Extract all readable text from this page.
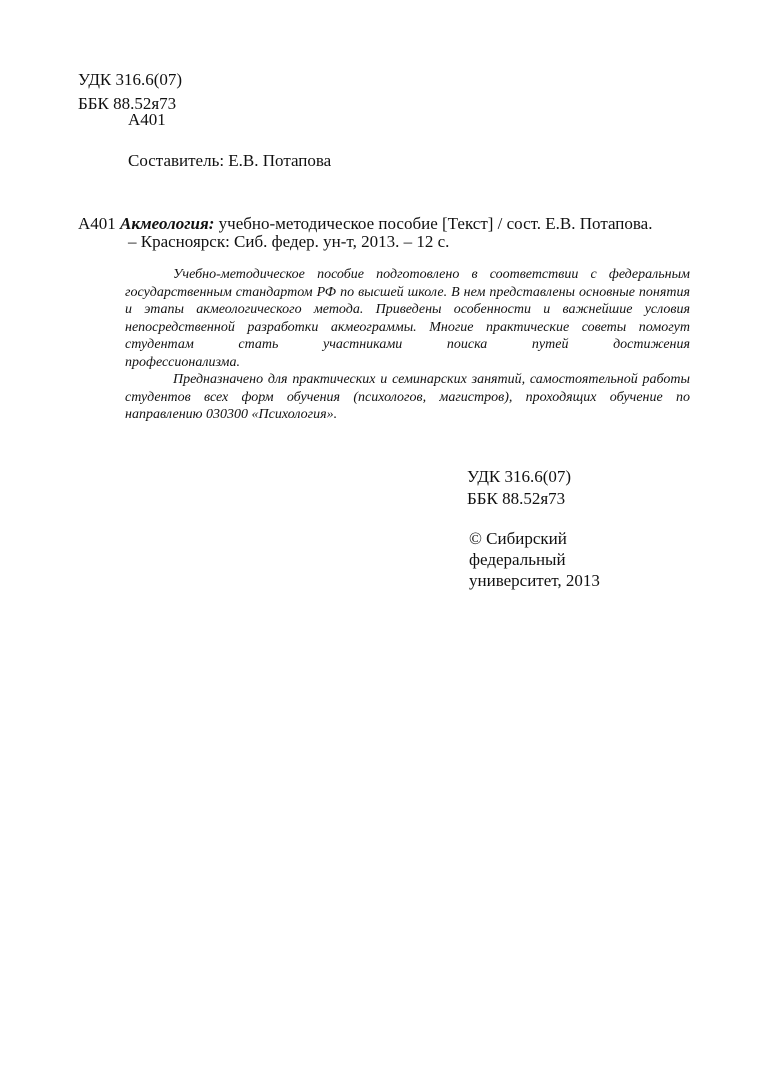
УДК 316.6(07)
ББК 88.52я73
А401
Составитель: Е.В. Потапова
А401 Акмеология: учебно-методическое пособие [Текст] / сост. Е.В. Потапова.
– Красноярск: Сиб. федер. ун-т, 2013. – 12 с.

Учебно-методическое пособие подготовлено в соответствии с федеральным государственным стандартом РФ по высшей школе. В нем представлены основные понятия и этапы акмеологического метода. Приведены особенности и важнейшие условия непосредственной разработки акмеограммы. Многие практические советы помогут студентам стать участниками поиска путей достижения

профессионализма.

Предназначено для практических и семинарских занятий, самостоятельной работы студентов всех форм обучения (психологов, магистров), проходящих обучение по направлению 030300 «Психология».

УДК 316.6(07)
ББК 88.52я73
© Сибирский
федеральный
университет, 2013
